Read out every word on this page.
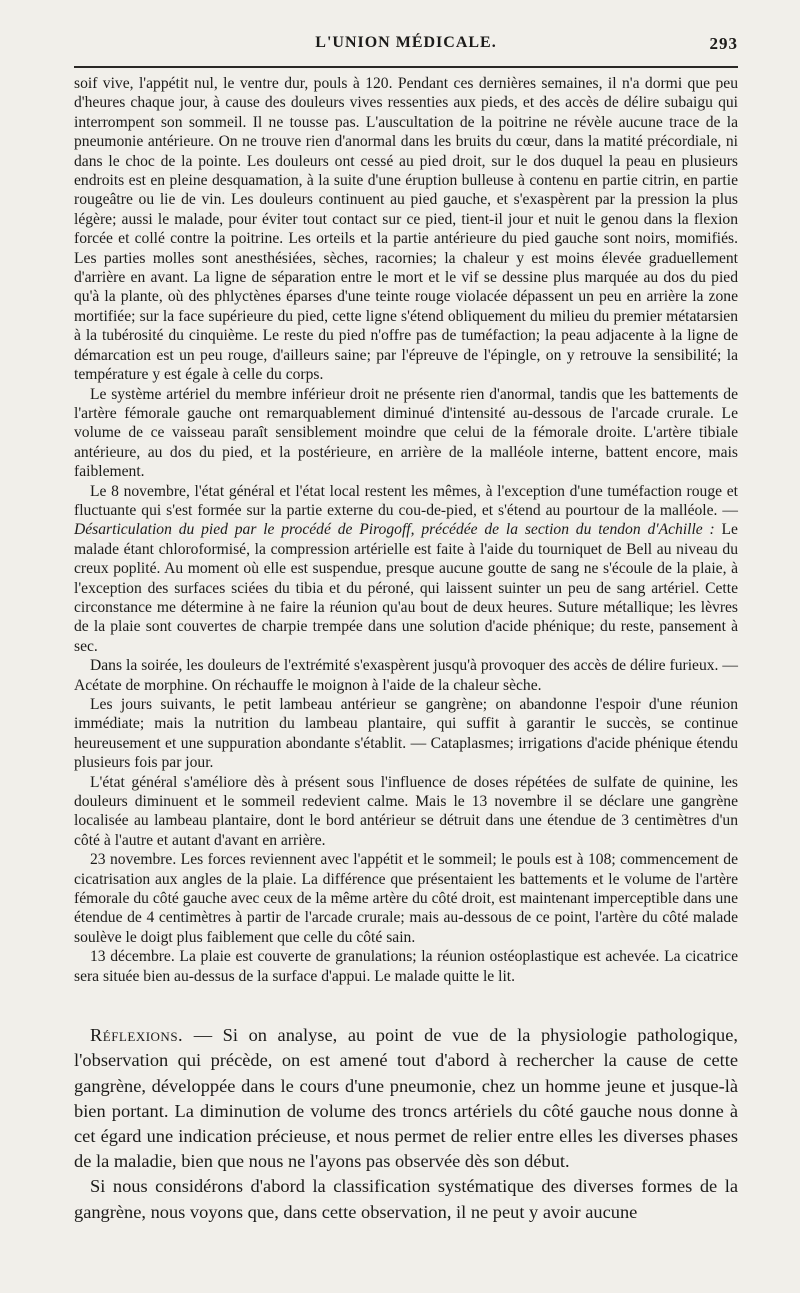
L'UNION MÉDICALE.	293

soif vive, l'appétit nul, le ventre dur, pouls à 120. Pendant ces dernières semaines, il n'a dormi que peu d'heures chaque jour, à cause des douleurs vives ressenties aux pieds, et des accès de délire subaigu qui interrompent son sommeil. Il ne tousse pas. L'auscultation de la poitrine ne révèle aucune trace de la pneumonie antérieure. On ne trouve rien d'anormal dans les bruits du cœur, dans la matité précordiale, ni dans le choc de la pointe. Les douleurs ont cessé au pied droit, sur le dos duquel la peau en plusieurs endroits est en pleine desquamation, à la suite d'une éruption bulleuse à contenu en partie citrin, en partie rougeâtre ou lie de vin. Les douleurs continuent au pied gauche, et s'exaspèrent par la pression la plus légère; aussi le malade, pour éviter tout contact sur ce pied, tient-il jour et nuit le genou dans la flexion forcée et collé contre la poitrine. Les orteils et la partie antérieure du pied gauche sont noirs, momifiés. Les parties molles sont anesthésiées, sèches, racornies; la chaleur y est moins élevée graduellement d'arrière en avant. La ligne de séparation entre le mort et le vif se dessine plus marquée au dos du pied qu'à la plante, où des phlyctènes éparses d'une teinte rouge violacée dépassent un peu en arrière la zone mortifiée; sur la face supérieure du pied, cette ligne s'étend obliquement du milieu du premier métatarsien à la tubérosité du cinquième. Le reste du pied n'offre pas de tuméfaction; la peau adjacente à la ligne de démarcation est un peu rouge, d'ailleurs saine; par l'épreuve de l'épingle, on y retrouve la sensibilité; la température y est égale à celle du corps.

Le système artériel du membre inférieur droit ne présente rien d'anormal, tandis que les battements de l'artère fémorale gauche ont remarquablement diminué d'intensité au-dessous de l'arcade crurale. Le volume de ce vaisseau paraît sensiblement moindre que celui de la fémorale droite. L'artère tibiale antérieure, au dos du pied, et la postérieure, en arrière de la malléole interne, battent encore, mais faiblement.

Le 8 novembre, l'état général et l'état local restent les mêmes, à l'exception d'une tuméfaction rouge et fluctuante qui s'est formée sur la partie externe du cou-de-pied, et s'étend au pourtour de la malléole. — Désarticulation du pied par le procédé de Pirogoff, précédée de la section du tendon d'Achille : Le malade étant chloroformisé, la compression artérielle est faite à l'aide du tourniquet de Bell au niveau du creux poplité. Au moment où elle est suspendue, presque aucune goutte de sang ne s'écoule de la plaie, à l'exception des surfaces sciées du tibia et du péroné, qui laissent suinter un peu de sang artériel. Cette circonstance me détermine à ne faire la réunion qu'au bout de deux heures. Suture métallique; les lèvres de la plaie sont couvertes de charpie trempée dans une solution d'acide phénique; du reste, pansement à sec.

Dans la soirée, les douleurs de l'extrémité s'exaspèrent jusqu'à provoquer des accès de délire furieux. — Acétate de morphine. On réchauffe le moignon à l'aide de la chaleur sèche.

Les jours suivants, le petit lambeau antérieur se gangrène; on abandonne l'espoir d'une réunion immédiate; mais la nutrition du lambeau plantaire, qui suffit à garantir le succès, se continue heureusement et une suppuration abondante s'établit. — Cataplasmes; irrigations d'acide phénique étendu plusieurs fois par jour.

L'état général s'améliore dès à présent sous l'influence de doses répétées de sulfate de quinine, les douleurs diminuent et le sommeil redevient calme. Mais le 13 novembre il se déclare une gangrène localisée au lambeau plantaire, dont le bord antérieur se détruit dans une étendue de 3 centimètres d'un côté à l'autre et autant d'avant en arrière.

23 novembre. Les forces reviennent avec l'appétit et le sommeil; le pouls est à 108; commencement de cicatrisation aux angles de la plaie. La différence que présentaient les battements et le volume de l'artère fémorale du côté gauche avec ceux de la même artère du côté droit, est maintenant imperceptible dans une étendue de 4 centimètres à partir de l'arcade crurale; mais au-dessous de ce point, l'artère du côté malade soulève le doigt plus faiblement que celle du côté sain.

13 décembre. La plaie est couverte de granulations; la réunion ostéoplastique est achevée. La cicatrice sera située bien au-dessus de la surface d'appui. Le malade quitte le lit.

Réflexions. — Si on analyse, au point de vue de la physiologie pathologique, l'observation qui précède, on est amené tout d'abord à rechercher la cause de cette gangrène, développée dans le cours d'une pneumonie, chez un homme jeune et jusque-là bien portant. La diminution de volume des troncs artériels du côté gauche nous donne à cet égard une indication précieuse, et nous permet de relier entre elles les diverses phases de la maladie, bien que nous ne l'ayons pas observée dès son début.

Si nous considérons d'abord la classification systématique des diverses formes de la gangrène, nous voyons que, dans cette observation, il ne peut y avoir aucune
